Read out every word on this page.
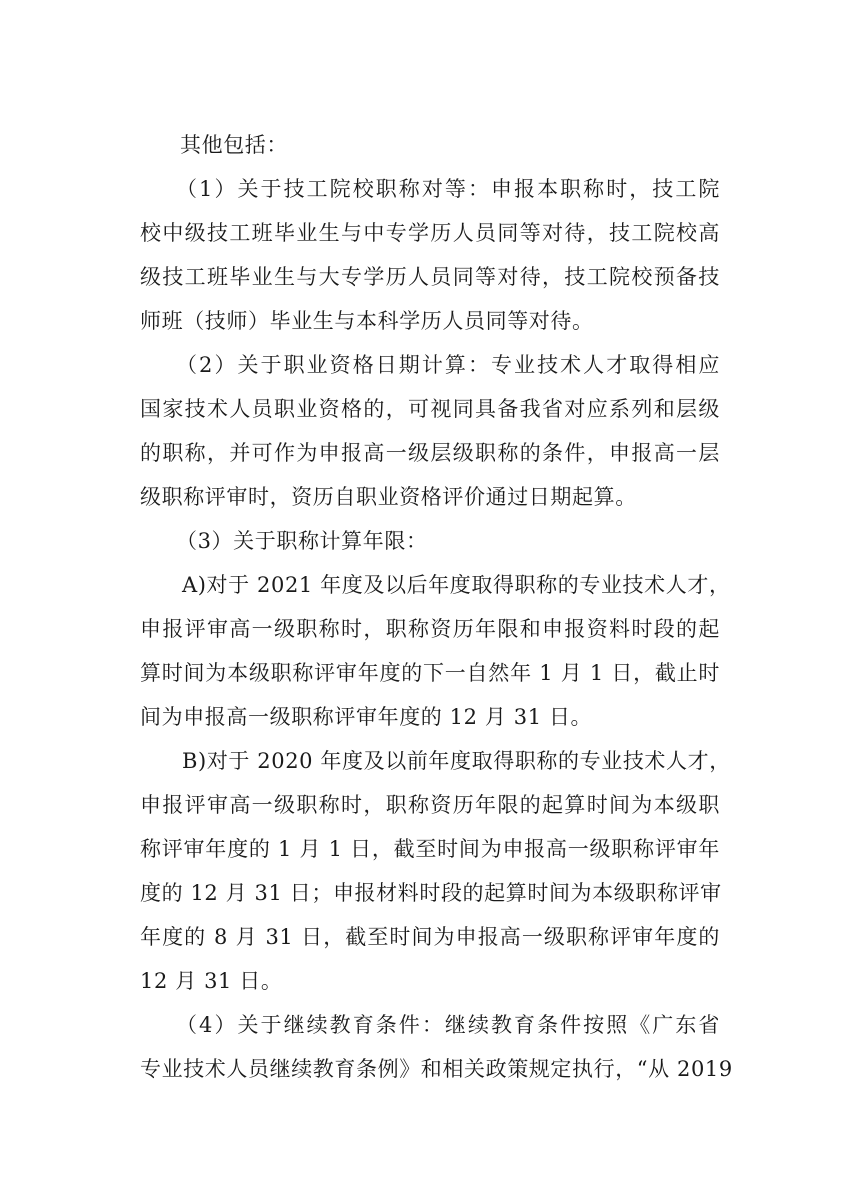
其他包括：

（1）关于技工院校职称对等：申报本职称时，技工院

校中级技工班毕业生与中专学历人员同等对待，技工院校高

级技工班毕业生与大专学历人员同等对待，技工院校预备技

师班（技师）毕业生与本科学历人员同等对待。

（2）关于职业资格日期计算：专业技术人才取得相应

国家技术人员职业资格的，可视同具备我省对应系列和层级

的职称，并可作为申报高一级层级职称的条件，申报高一层

级职称评审时，资历自职业资格评价通过日期起算。

（3）关于职称计算年限：

A)对于 2021 年度及以后年度取得职称的专业技术人才，

申报评审高一级职称时，职称资历年限和申报资料时段的起

算时间为本级职称评审年度的下一自然年 1 月 1 日，截止时

间为申报高一级职称评审年度的 12 月 31 日。

B)对于 2020 年度及以前年度取得职称的专业技术人才，

申报评审高一级职称时，职称资历年限的起算时间为本级职

称评审年度的 1 月 1 日，截至时间为申报高一级职称评审年

度的 12 月 31 日；申报材料时段的起算时间为本级职称评审

年度的 8 月 31 日，截至时间为申报高一级职称评审年度的

12 月 31 日。

（4）关于继续教育条件：继续教育条件按照《广东省

专业技术人员继续教育条例》和相关政策规定执行，“从 2019
